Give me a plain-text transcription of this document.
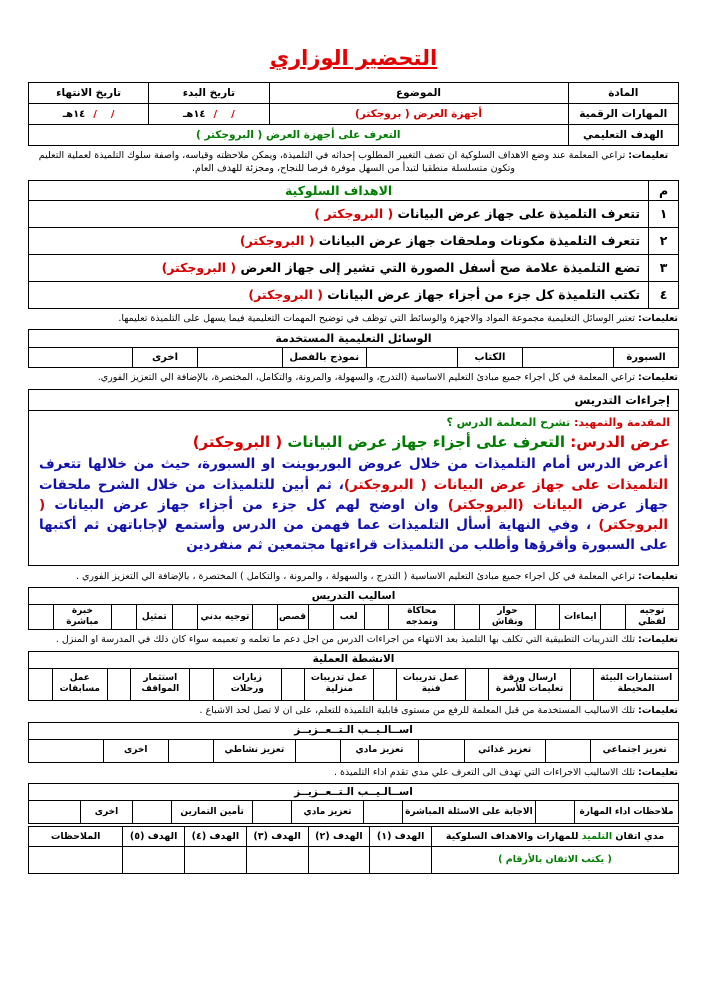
التحضير الوزاري
المادة	الموضوع	تاريخ البدء	تاريخ الانتهاء
المهارات الرقمية	أجهزة العرض ( بروجكتر)	/    /١٤هـ	/    /١٤هـ
الهدف التعليمي	التعرف على أجهزة العرض ( البروجكتر )		

تعليمات: تراعي المعلمة عند وضع الاهداف السلوكية ان تصف التغيير المطلوب إحداثه في التلميذة، ويمكن ملاحظته وقياسه، واصفة سلوك التلميذة لعملية التعليم وتكون متسلسلة منطقيا لتبدأ من السهل موفرة فرصا للنجاح، ومجزئة للهدف العام.

م	الاهداف السلوكية
١	تتعرف التلميذة على جهاز عرض البيانات ( البروجكتر )
٢	تتعرف التلميذة مكونات وملحقات جهاز عرض البيانات ( البروجكتر)
٣	تضع التلميذة علامة صح أسفل الصورة التي تشير إلى جهاز العرض ( البروجكتر)
٤	تكتب التلميذة كل جزء من أجزاء جهاز عرض البيانات ( البروجكتر)

تعليمات: تعتبر الوسائل التعليمية مجموعة المواد والاجهزة والوسائط التي توظف في توضيح المهمات التعليمية فيما يسهل على التلميذة تعليمها.

الوسائل التعليمية المستخدمة
السبورة		الكتاب		نموذج بالفصل		اخرى	

تعليمات: تراعي المعلمة في كل اجراء جميع مبادئ التعليم الاساسية (التدرج، والسهولة، والمرونة، والتكامل، المختصرة، بالإضافة الي التعزيز الفوري.

إجراءات التدريس
المقدمة والتمهيد: تشرح المعلمة الدرس ؟
عرض الدرس: التعرف على أجزاء جهاز عرض البيانات ( البروجكتر)

أعرض الدرس أمام التلميذات من خلال عروض البوربوينت او السبورة، حيث من خلالها تتعرف التلميذات على جهاز عرض البيانات ( البروجكتر)، ثم أبين للتلميذات من خلال الشرح ملحقات جهاز عرض البيانات (البروجكتر) وان اوضح لهم كل جزء من أجزاء جهاز عرض البيانات ( البروجكتر) ، وفي النهاية أسأل التلميذات عما فهمن من الدرس وأستمع لإجاباتهن ثم أكتبها على السبورة وأقرؤها وأطلب من التلميذات قراءتها مجتمعين ثم منفردين

تعليمات: تراعي المعلمة في كل اجراء جميع مبادئ التعليم الاساسية ( التدرج ، والسهولة ، والمرونة ، والتكامل ) المختصرة ، بالإضافة الي التعزيز الفوري .

اساليب التدريس
توجيه لفظي		ايماءات		حوار ونقاش		محاكاة ونمذجه		لعب		قصص		توجيه بدني		تمثيل		خبرة مباشرة	

تعليمات: تلك التدريبات التطبيقية التي تكلف بها التلميذ بعد الانتهاء من اجراءات الدرس من اجل دعم ما تعلمه و تعميمه سواء كان ذلك في المدرسة او المنزل .

الانشطة العملية
استثمارات البيئة المحيطة		ارسال ورقة تعليمات للأسرة		عمل تدريبات فنية		عمل تدريبات منزلية		زيارات ورحلات		استثمار المواقف		عمل مسابقات	

تعليمات: تلك الاساليب المستخدمة من قبل المعلمة للرفع من مستوى قابلية التلميذة للتعلم، على ان لا تصل لحد الاشباع .

اســالـيــب الـتــعــزيــز
تعزيز اجتماعي		تعزيز غذائي		تعزيز مادي		تعزيز نشاطي		اخرى	

تعليمات: تلك الاساليب الاجراءات التي تهدف الى التعرف علي مدي تقدم اداء التلميذة .

اســالـيــب الـتــعــزيــز
ملاحظات اداء المهارة		الاجابة على الاسئلة المباشرة		تعزيز مادي		تأمين التمارين		اخرى	
مدي اتقان التلميذ للمهارات والاهداف السلوكية	الهدف (١)	الهدف (٢)	الهدف (٣)	الهدف (٤)	الهدف (٥)	الملاحظات
( يكتب الاتقان بالأرقام )						
